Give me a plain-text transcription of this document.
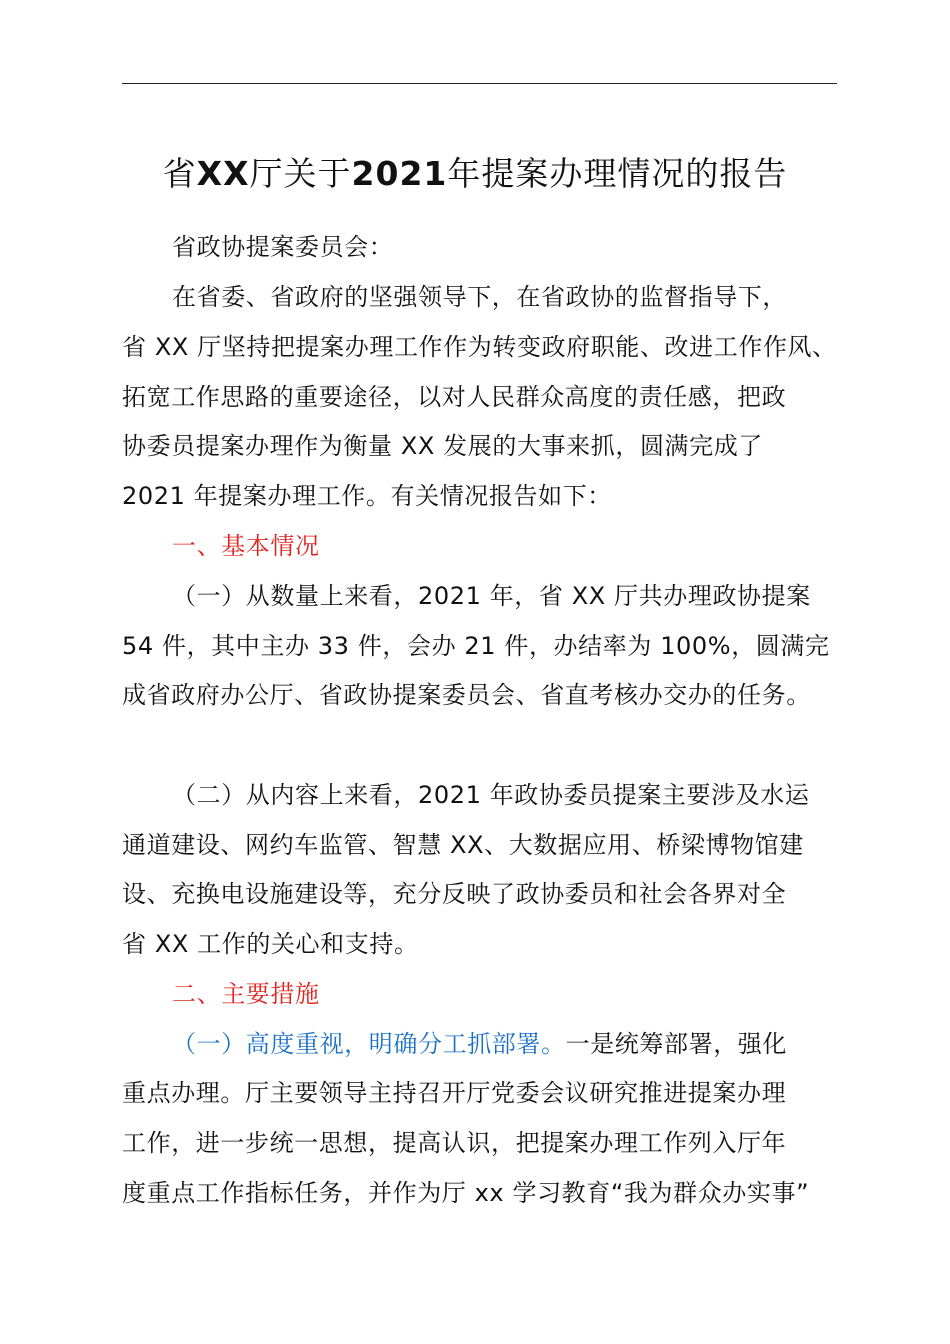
省XX厅关于2021年提案办理情况的报告
省政协提案委员会：
在省委、省政府的坚强领导下，在省政协的监督指导下，
省 XX 厅坚持把提案办理工作作为转变政府职能、改进工作作风、
拓宽工作思路的重要途径，以对人民群众高度的责任感，把政
协委员提案办理作为衡量 XX 发展的大事来抓，圆满完成了
2021 年提案办理工作。有关情况报告如下：
一、基本情况
（一）从数量上来看，2021 年，省 XX 厅共办理政协提案
54 件，其中主办 33 件，会办 21 件，办结率为 100%，圆满完
成省政府办公厅、省政协提案委员会、省直考核办交办的任务。
（二）从内容上来看，2021 年政协委员提案主要涉及水运
通道建设、网约车监管、智慧 XX、大数据应用、桥梁博物馆建
设、充换电设施建设等，充分反映了政协委员和社会各界对全
省 XX 工作的关心和支持。
二、主要措施
（一）高度重视，明确分工抓部署。一是统筹部署，强化
重点办理。厅主要领导主持召开厅党委会议研究推进提案办理
工作，进一步统一思想，提高认识，把提案办理工作列入厅年
度重点工作指标任务，并作为厅 xx 学习教育“我为群众办实事”
